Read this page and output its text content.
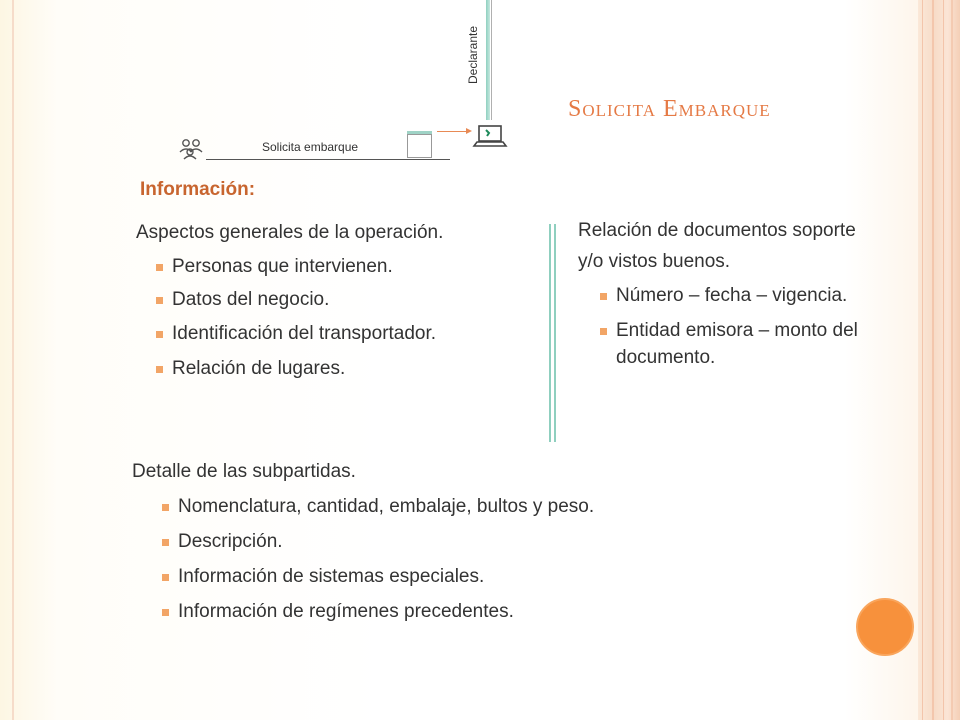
Declarante
Solicita Embarque
Solicita embarque
Información:
Aspectos generales de la operación.
Personas que intervienen.
Datos del negocio.
Identificación del transportador.
Relación de lugares.
Relación de documentos soporte
y/o vistos buenos.
Número – fecha – vigencia.
Entidad emisora – monto del
documento.
Detalle de las subpartidas.
Nomenclatura, cantidad, embalaje, bultos y peso.
Descripción.
Información de sistemas especiales.
Información de regímenes precedentes.
